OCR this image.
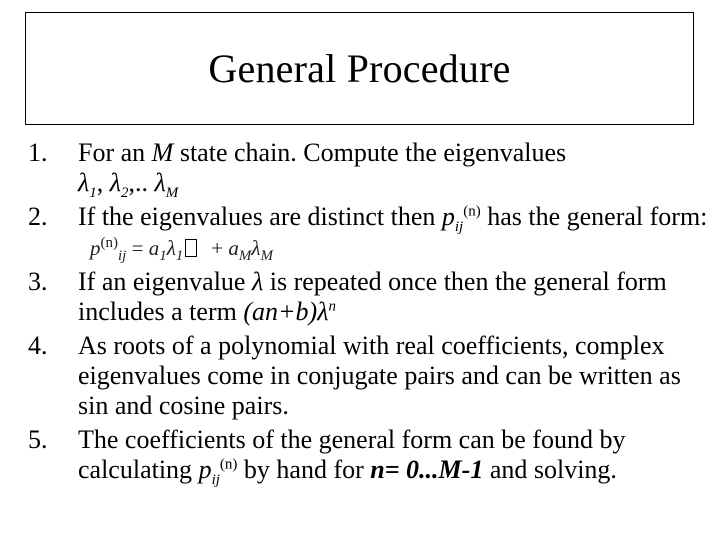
General Procedure
1. For an M state chain. Compute the eigenvalues
$\lambda_1$, $\lambda_2$,.. $\lambda_M$
2. If the eigenvalues are distinct then $p_{ij}^{(n)}$ has the general form: $p^{(n)}_{ij} = a_1\lambda_1 + a_M\lambda_M$
3. If an eigenvalue λ is repeated once then the general form includes a term $(an+b)\lambda^n$
4. As roots of a polynomial with real coefficients, complex eigenvalues come in conjugate pairs and can be written as sin and cosine pairs.
5. The coefficients of the general form can be found by calculating $p_{ij}^{(n)}$ by hand for n= 0...M-1 and solving.
